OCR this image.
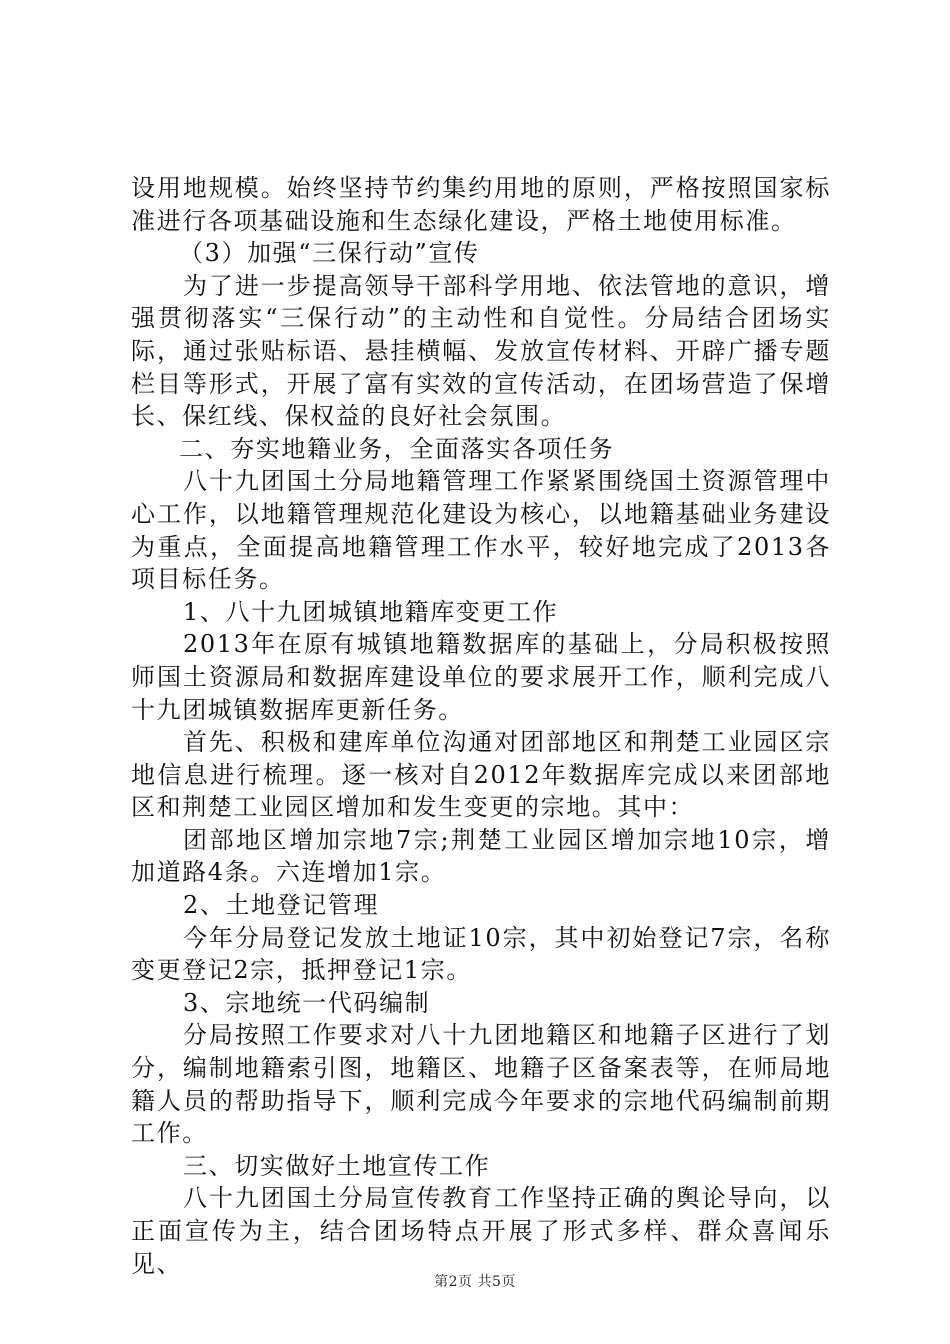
设用地规模。始终坚持节约集约用地的原则，严格按照国家标准进行各项基础设施和生态绿化建设，严格土地使用标准。

（3）加强“三保行动”宣传

为了进一步提高领导干部科学用地、依法管地的意识，增强贯彻落实“三保行动”的主动性和自觉性。分局结合团场实际，通过张贴标语、悬挂横幅、发放宣传材料、开辟广播专题栏目等形式，开展了富有实效的宣传活动，在团场营造了保增长、保红线、保权益的良好社会氛围。

二、夯实地籍业务，全面落实各项任务

八十九团国土分局地籍管理工作紧紧围绕国土资源管理中心工作，以地籍管理规范化建设为核心，以地籍基础业务建设为重点，全面提高地籍管理工作水平，较好地完成了2013各项目标任务。

1、八十九团城镇地籍库变更工作

2013年在原有城镇地籍数据库的基础上，分局积极按照师国土资源局和数据库建设单位的要求展开工作，顺利完成八十九团城镇数据库更新任务。

首先、积极和建库单位沟通对团部地区和荆楚工业园区宗地信息进行梳理。逐一核对自2012年数据库完成以来团部地区和荆楚工业园区增加和发生变更的宗地。其中：

团部地区增加宗地7宗;荆楚工业园区增加宗地10宗，增加道路4条。六连增加1宗。

2、土地登记管理

今年分局登记发放土地证10宗，其中初始登记7宗，名称变更登记2宗，抵押登记1宗。

3、宗地统一代码编制

分局按照工作要求对八十九团地籍区和地籍子区进行了划分，编制地籍索引图，地籍区、地籍子区备案表等，在师局地籍人员的帮助指导下，顺利完成今年要求的宗地代码编制前期工作。

三、切实做好土地宣传工作

八十九团国土分局宣传教育工作坚持正确的舆论导向，以正面宣传为主，结合团场特点开展了形式多样、群众喜闻乐见、

第2页 共5页
